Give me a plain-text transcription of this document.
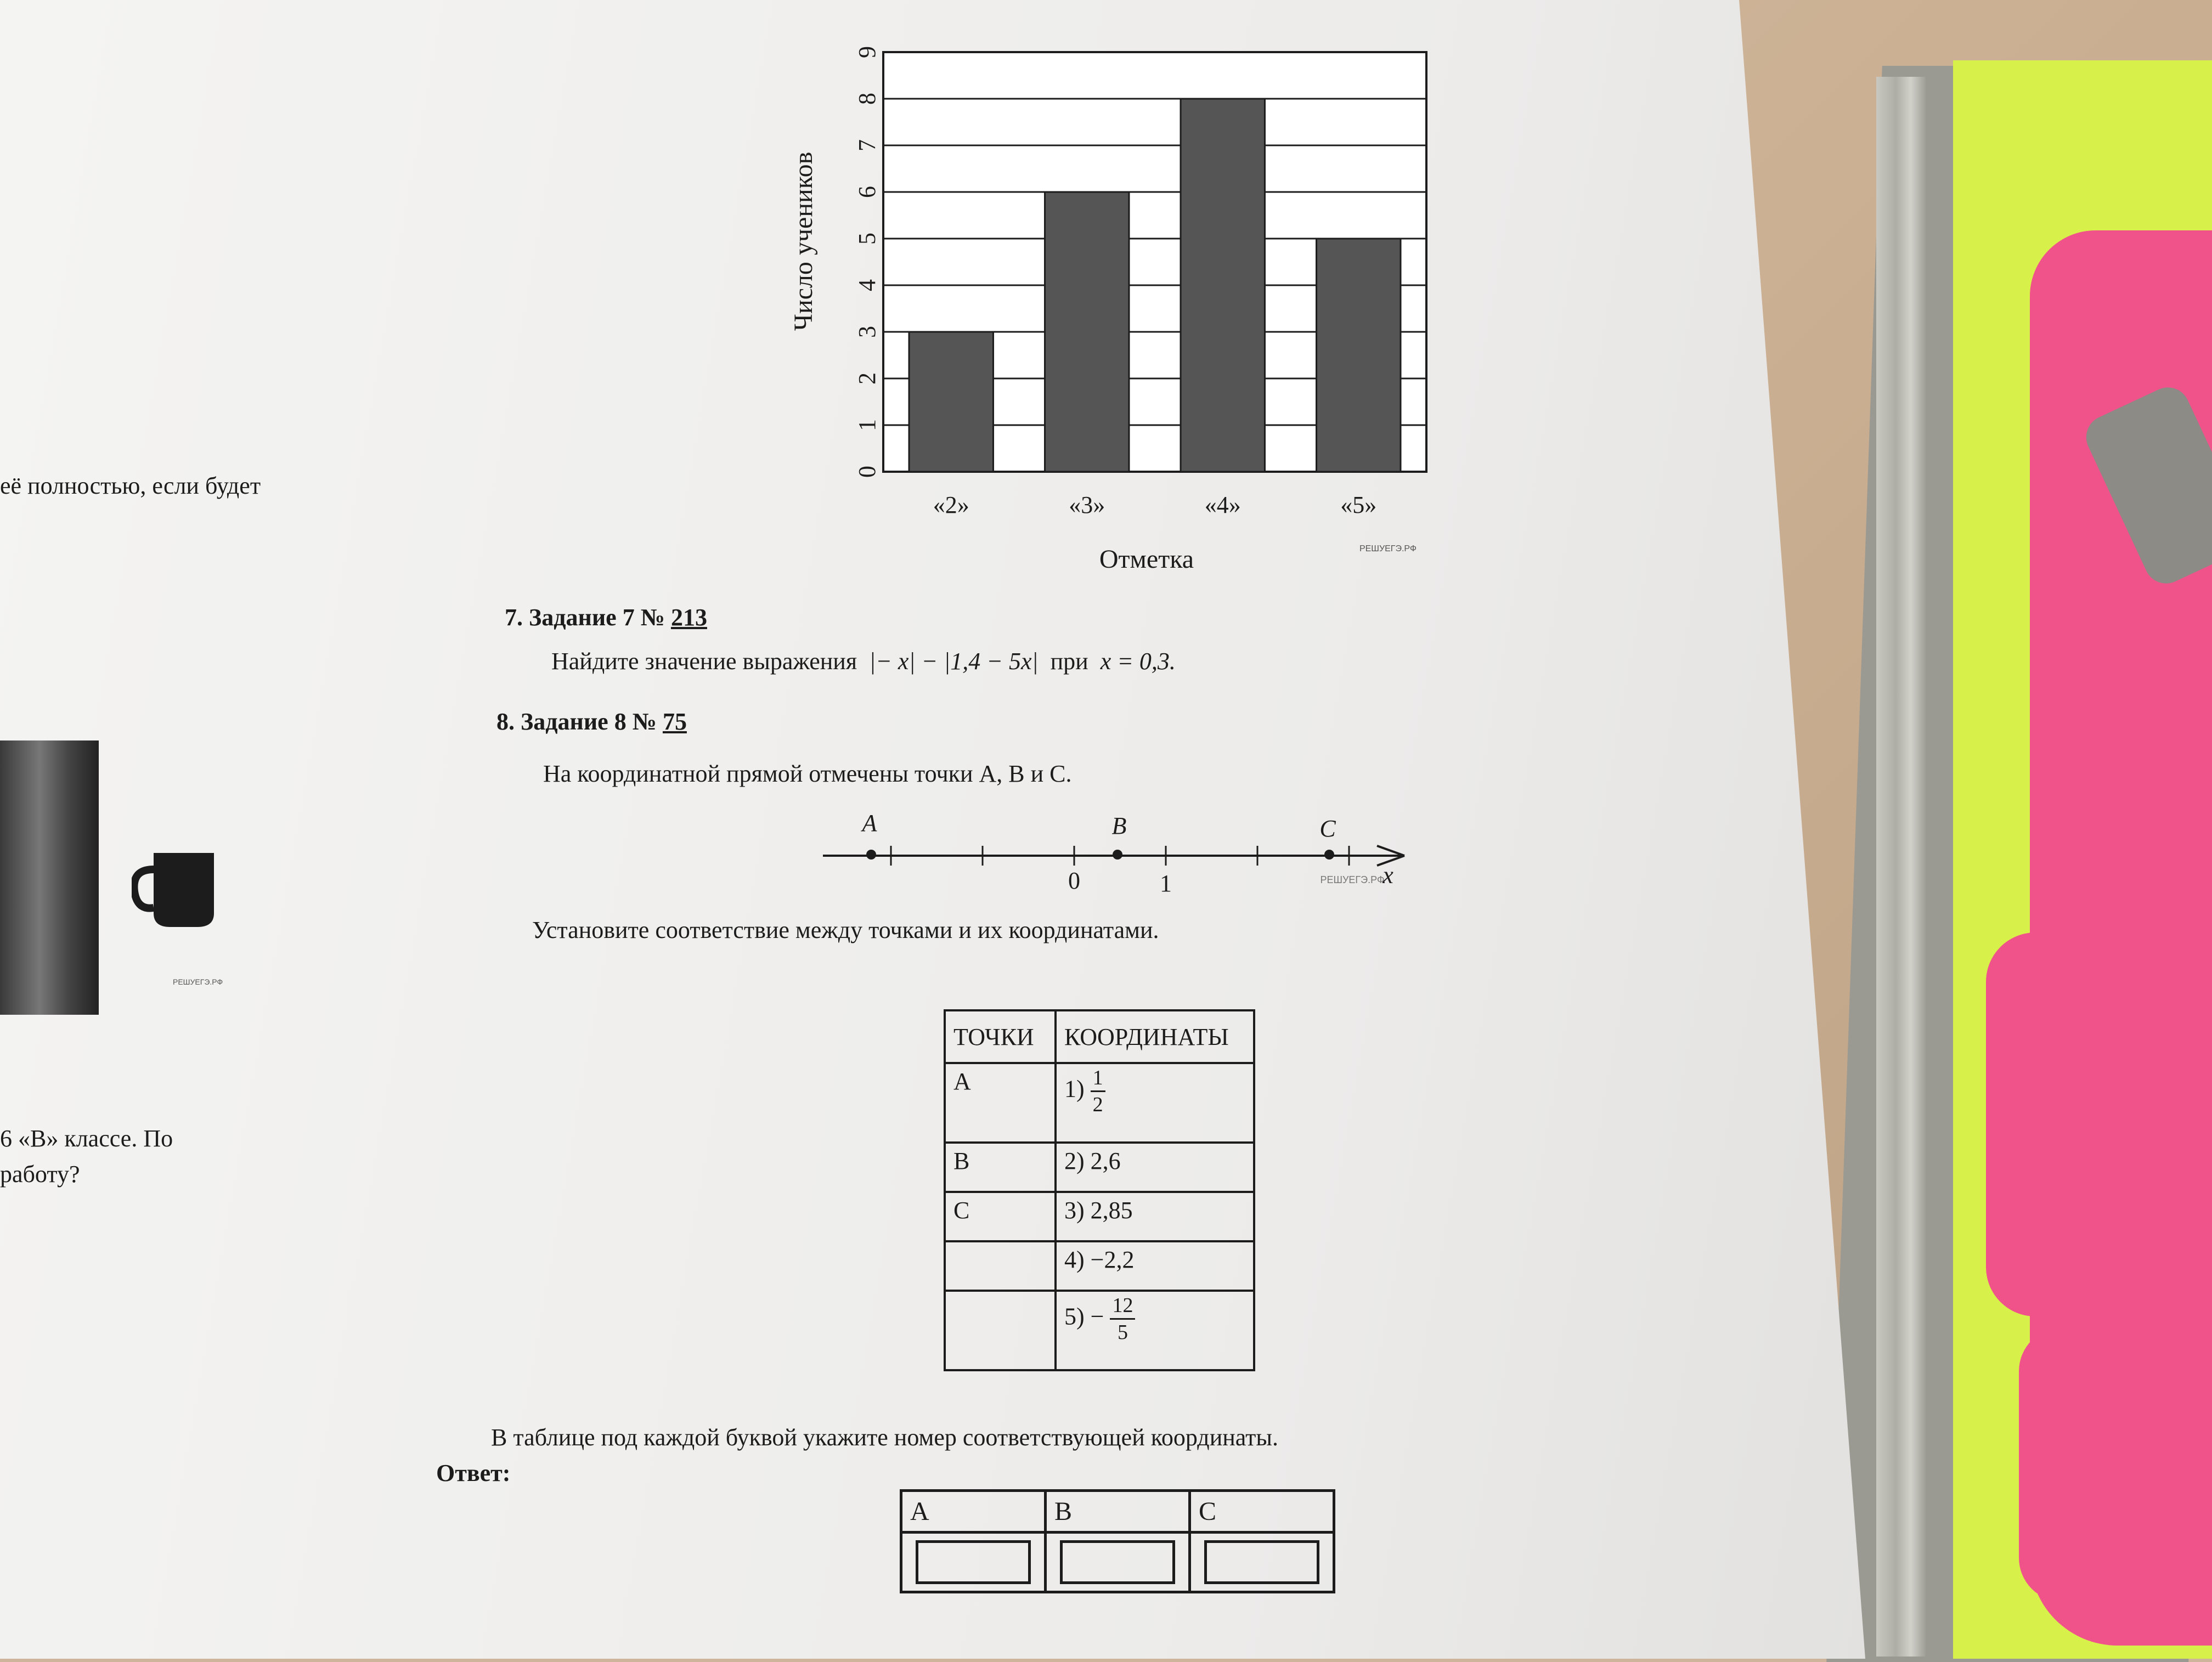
её полностью, если будет
РЕШУЕГЭ.РФ
6 «В» классе. По
работу?
0
1
2
3
4
5
6
7
8
9
«2»	«3»	«4»	«5»
Число учеников
Отметка	РЕШУЕГЭ.РФ
7. Задание 7 № 213
Найдите значение выражения |− x| − |1,4 − 5x| при x = 0,3.
8. Задание 8 № 75
На координатной прямой отмечены точки А, В и С.
A	B	C
0	1	x
РЕШУЕГЭ.РФ
Установите соответствие между точками и их координатами.
ТОЧКИ	КООРДИНАТЫ
A	$1) \frac{1}{2}$

B	2) 2,6
C	3) 2,85
	4) −2,2
	$5) - \frac{12}{5}$
В таблице под каждой буквой укажите номер соответствующей координаты.
Ответ:
A	B	C
